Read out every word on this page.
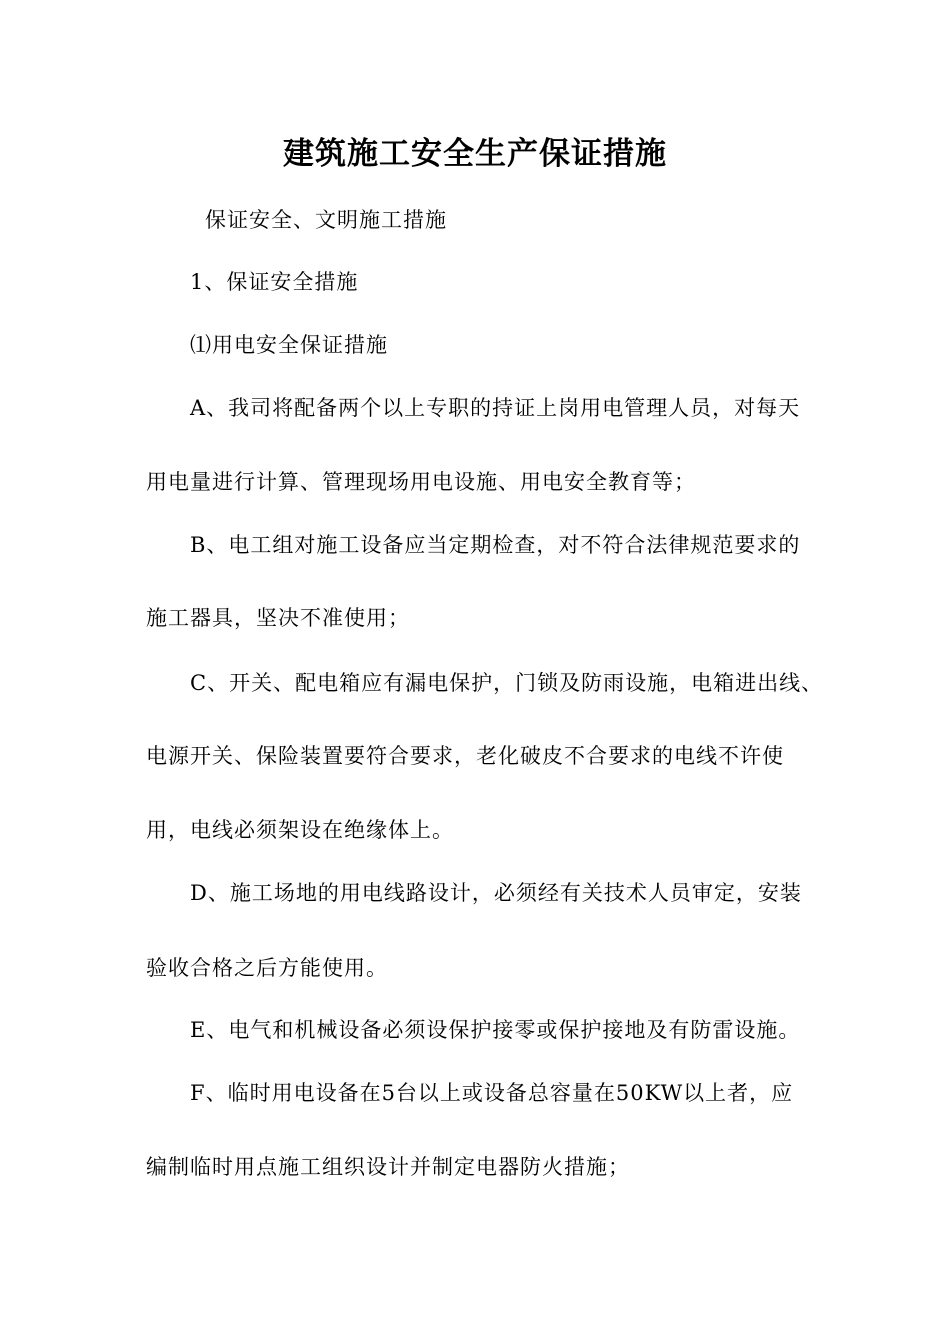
建筑施工安全生产保证措施
保证安全、文明施工措施
1、保证安全措施
⑴用电安全保证措施
A、我司将配备两个以上专职的持证上岗用电管理人员，对每天
用电量进行计算、管理现场用电设施、用电安全教育等；
B、电工组对施工设备应当定期检查，对不符合法律规范要求的
施工器具，坚决不准使用；
C、开关、配电箱应有漏电保护，门锁及防雨设施，电箱进出线、
电源开关、保险装置要符合要求，老化破皮不合要求的电线不许使
用，电线必须架设在绝缘体上。
D、施工场地的用电线路设计，必须经有关技术人员审定，安装
验收合格之后方能使用。
E、电气和机械设备必须设保护接零或保护接地及有防雷设施。
F、临时用电设备在5台以上或设备总容量在50KW以上者，应
编制临时用点施工组织设计并制定电器防火措施；
